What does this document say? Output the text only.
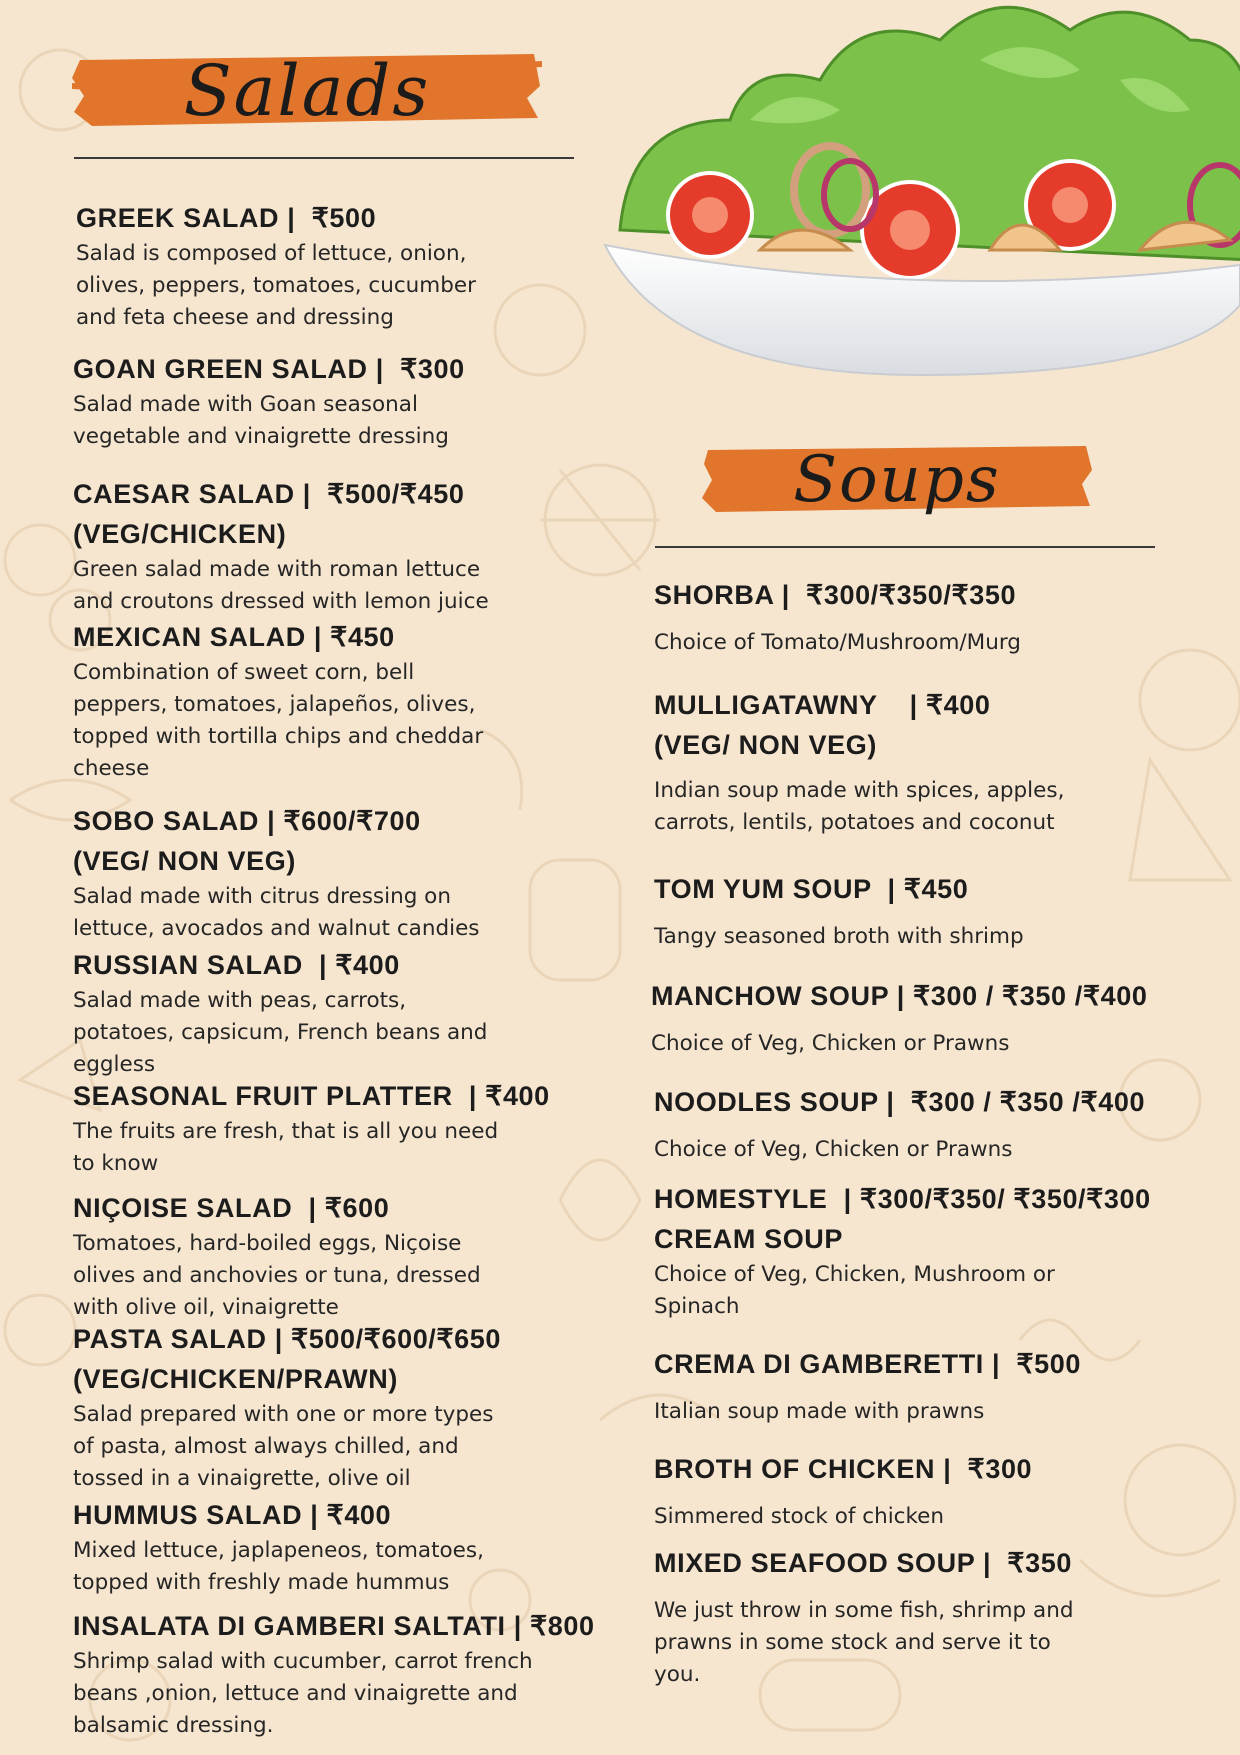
Salads
Soups
GREEK SALAD |  ₹500
Salad is composed of lettuce, onion,
olives, peppers, tomatoes, cucumber
and feta cheese and dressing
GOAN GREEN SALAD |  ₹300
Salad made with Goan seasonal
vegetable and vinaigrette dressing
CAESAR SALAD |  ₹500/₹450
(VEG/CHICKEN)
Green salad made with roman lettuce
and croutons dressed with lemon juice
MEXICAN SALAD | ₹450
Combination of sweet corn, bell
peppers, tomatoes, jalapeños, olives,
topped with tortilla chips and cheddar
cheese
SOBO SALAD | ₹600/₹700
(VEG/ NON VEG)
Salad made with citrus dressing on
lettuce, avocados and walnut candies
RUSSIAN SALAD  | ₹400
Salad made with peas, carrots,
potatoes, capsicum, French beans and
eggless
SEASONAL FRUIT PLATTER  | ₹400
The fruits are fresh, that is all you need
to know
NIÇOISE SALAD  | ₹600
Tomatoes, hard-boiled eggs, Niçoise
olives and anchovies or tuna, dressed
with olive oil, vinaigrette
PASTA SALAD | ₹500/₹600/₹650
(VEG/CHICKEN/PRAWN)
Salad prepared with one or more types
of pasta, almost always chilled, and
tossed in a vinaigrette, olive oil
HUMMUS SALAD | ₹400
Mixed lettuce, japlapeneos, tomatoes,
topped with freshly made hummus
INSALATA DI GAMBERI SALTATI | ₹800
Shrimp salad with cucumber, carrot french
beans ,onion, lettuce and vinaigrette and
balsamic dressing.
SHORBA |  ₹300/₹350/₹350
Choice of Tomato/Mushroom/Murg
MULLIGATAWNY    | ₹400
(VEG/ NON VEG)
Indian soup made with spices, apples,
carrots, lentils, potatoes and coconut
TOM YUM SOUP  | ₹450
Tangy seasoned broth with shrimp
MANCHOW SOUP | ₹300 / ₹350 /₹400
Choice of Veg, Chicken or Prawns
NOODLES SOUP |  ₹300 / ₹350 /₹400
Choice of Veg, Chicken or Prawns
HOMESTYLE  | ₹300/₹350/ ₹350/₹300
CREAM SOUP
Choice of Veg, Chicken, Mushroom or
Spinach
CREMA DI GAMBERETTI |  ₹500
Italian soup made with prawns
BROTH OF CHICKEN |  ₹300
Simmered stock of chicken
MIXED SEAFOOD SOUP |  ₹350
We just throw in some fish, shrimp and
prawns in some stock and serve it to
you.
